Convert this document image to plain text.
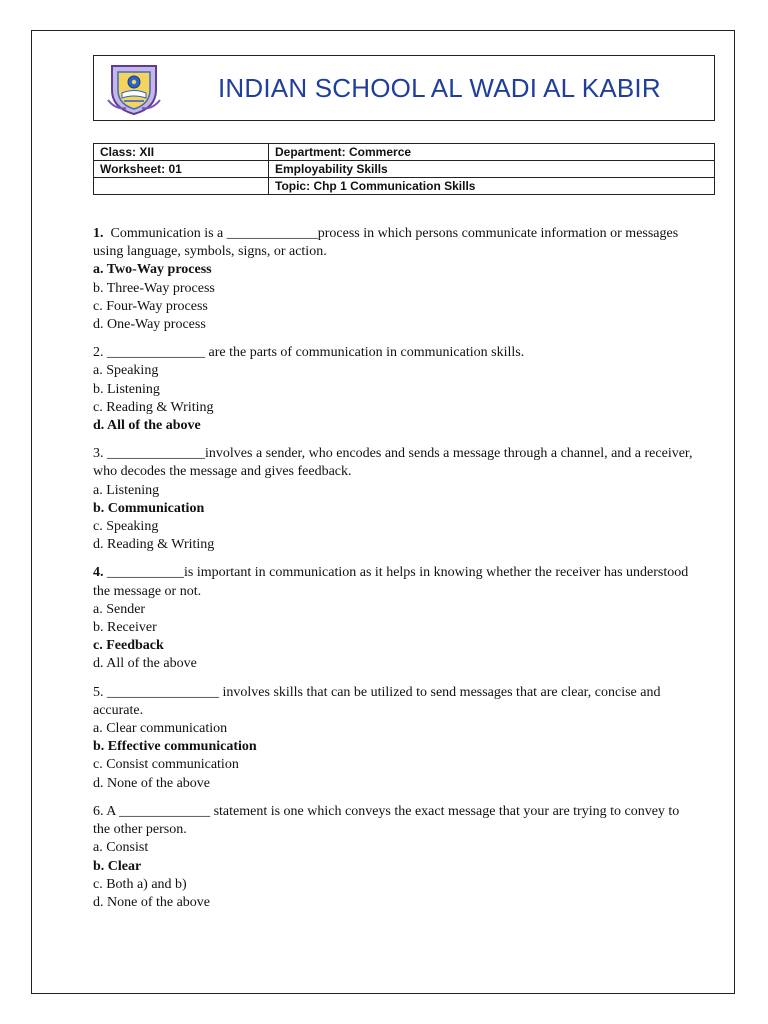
INDIAN SCHOOL AL WADI AL KABIR
Class: XII	Department: Commerce
Worksheet: 01	Employability Skills
	Topic: Chp 1 Communication Skills

1.  Communication is a _____________process in which persons communicate information or messages using language, symbols, signs, or action.

a. Two-Way process

b. Three-Way process

c. Four-Way process

d. One-Way process

2. ______________ are the parts of communication in communication skills.

a. Speaking

b. Listening

c. Reading & Writing

d. All of the above

3. ______________involves a sender, who encodes and sends a message through a channel, and a receiver, who decodes the message and gives feedback.

a. Listening

b. Communication

c. Speaking

d. Reading & Writing

4. ___________is important in communication as it helps in knowing whether the receiver has understood the message or not.

a. Sender

b. Receiver

c. Feedback

d. All of the above

5. ________________ involves skills that can be utilized to send messages that are clear, concise and accurate.

a. Clear communication

b. Effective communication

c. Consist communication

d. None of the above

6. A _____________ statement is one which conveys the exact message that your are trying to convey to the other person.

a. Consist

b. Clear

c. Both a) and b)

d. None of the above
